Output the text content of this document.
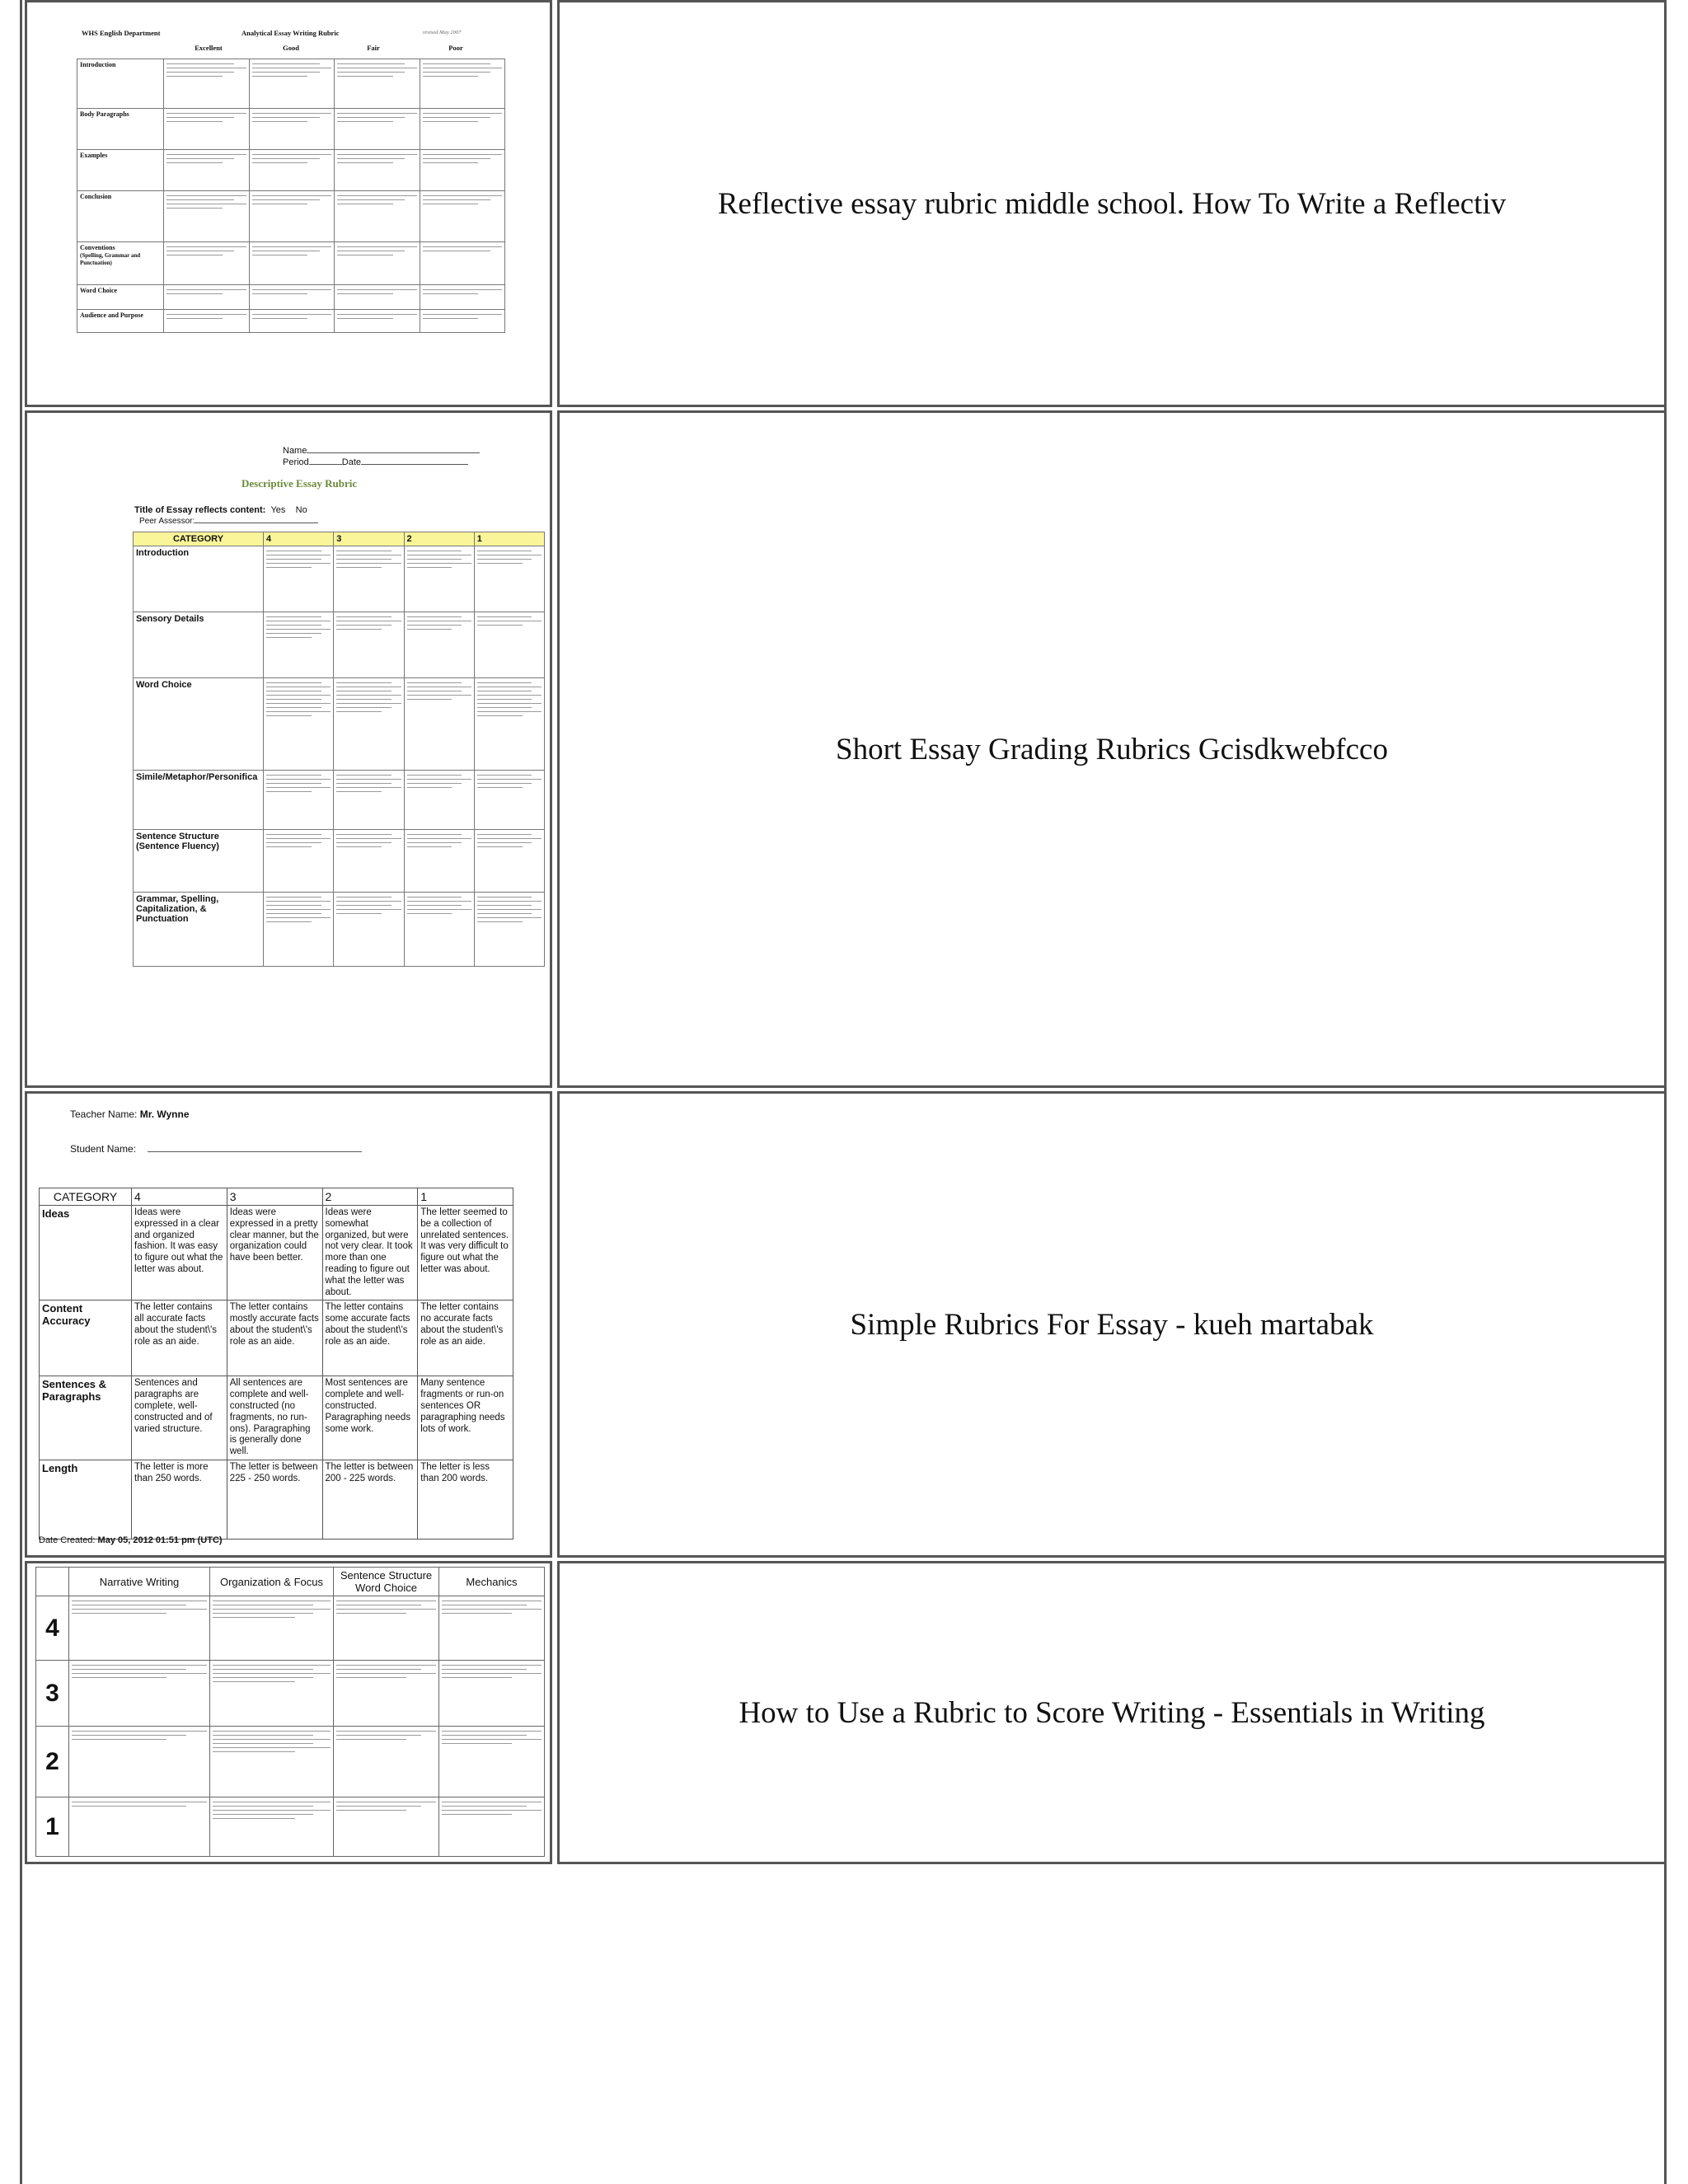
WHS English Department	Analytical Essay Writing Rubric	revised May 2007
Excellent	Good	Fair	Poor
Introduction	

Body Paragraphs	

Examples	

Conclusion	

Conventions
(Spelling, Grammar and Punctuation)	

Word Choice	

Audience and Purpose	

Reflective essay rubric middle school. How To Write a Reflectiv
Name
Period	Date
Descriptive Essay Rubric
Title of Essay reflects content: Yes No
Peer Assessor:
CATEGORY	4	3	2	1
Introduction	

Sensory Details	

Word Choice	

Simile/Metaphor/Personifica	

Sentence Structure (Sentence Fluency)	

Grammar, Spelling, Capitalization, & Punctuation	

Short Essay Grading Rubrics Gcisdkwebfcco
Teacher Name: Mr. Wynne
Student Name:
CATEGORY	4	3	2	1
Ideas	Ideas were expressed in a clear and organized fashion. It was easy to figure out what the letter was about.	Ideas were expressed in a pretty clear manner, but the organization could have been better.	Ideas were somewhat organized, but were not very clear. It took more than one reading to figure out what the letter was about.	The letter seemed to be a collection of unrelated sentences. It was very difficult to figure out what the letter was about.
Content Accuracy	The letter contains all accurate facts about the student\'s role as an aide.	The letter contains mostly accurate facts about the student\'s role as an aide.	The letter contains some accurate facts about the student\'s role as an aide.	The letter contains no accurate facts about the student\'s role as an aide.
Sentences & Paragraphs	Sentences and paragraphs are complete, well-constructed and of varied structure.	All sentences are complete and well-constructed (no fragments, no run-ons). Paragraphing is generally done well.	Most sentences are complete and well-constructed. Paragraphing needs some work.	Many sentence fragments or run-on sentences OR paragraphing needs lots of work.
Length	The letter is more than 250 words.	The letter is between 225 - 250 words.	The letter is between 200 - 225 words.	The letter is less than 200 words.
Date Created: May 05, 2012 01:51 pm (UTC)
Simple Rubrics For Essay - kueh martabak
	Narrative Writing	Organization & Focus	Sentence Structure Word Choice	Mechanics
4	

3	

2	

1	

How to Use a Rubric to Score Writing - Essentials in Writing
